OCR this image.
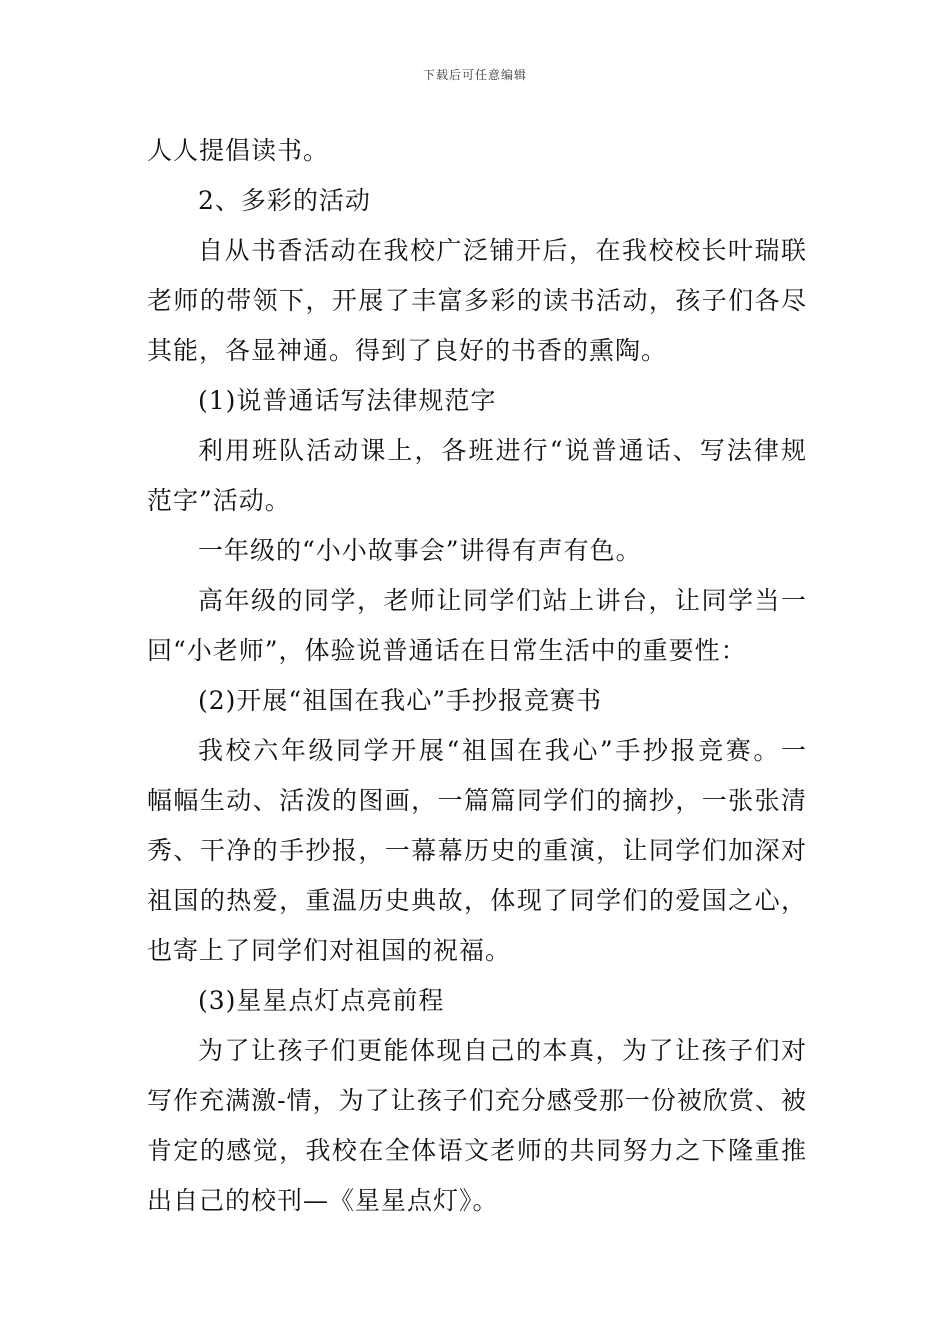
下载后可任意编辑
人人提倡读书。
2、多彩的活动
自从书香活动在我校广泛铺开后，在我校校长叶瑞联
老师的带领下，开展了丰富多彩的读书活动，孩子们各尽
其能，各显神通。得到了良好的书香的熏陶。
(1)说普通话写法律规范字
利用班队活动课上，各班进行“说普通话、写法律规
范字”活动。
一年级的“小小故事会”讲得有声有色。
高年级的同学，老师让同学们站上讲台，让同学当一
回“小老师”，体验说普通话在日常生活中的重要性：
(2)开展“祖国在我心”手抄报竞赛书
我校六年级同学开展“祖国在我心”手抄报竞赛。一
幅幅生动、活泼的图画，一篇篇同学们的摘抄，一张张清
秀、干净的手抄报，一幕幕历史的重演，让同学们加深对
祖国的热爱，重温历史典故，体现了同学们的爱国之心，
也寄上了同学们对祖国的祝福。
(3)星星点灯点亮前程
为了让孩子们更能体现自己的本真，为了让孩子们对
写作充满激-情，为了让孩子们充分感受那一份被欣赏、被
肯定的感觉，我校在全体语文老师的共同努力之下隆重推
出自己的校刊—《星星点灯》。
